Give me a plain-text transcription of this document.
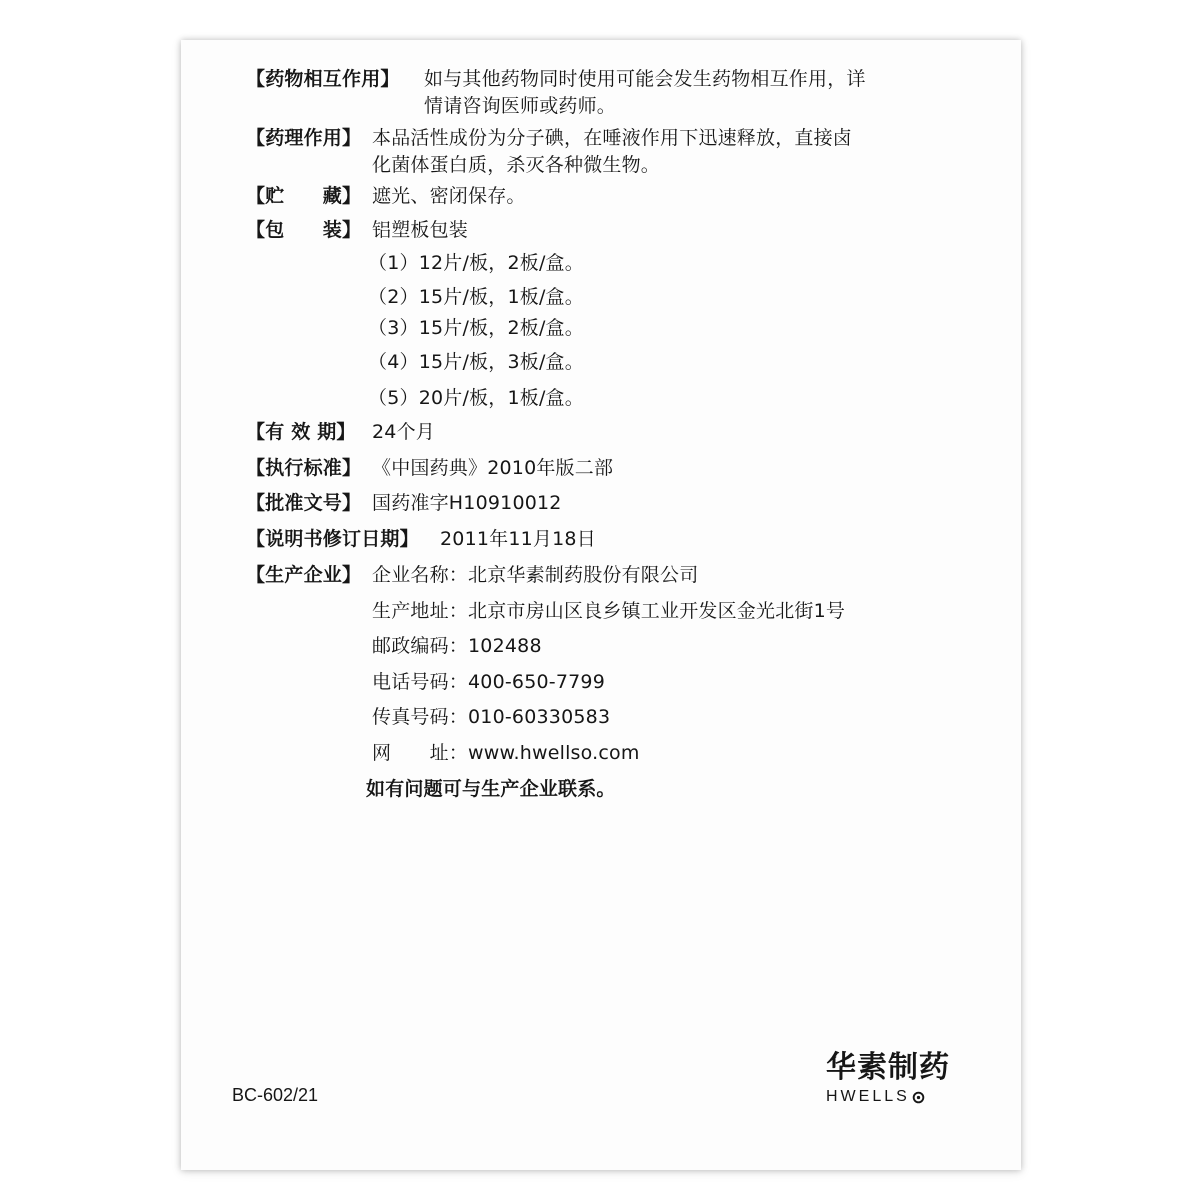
【药物相互作用】 如与其他药物同时使用可能会发生药物相互作用，详
情请咨询医师或药师。
【药理作用】 本品活性成份为分子碘，在唾液作用下迅速释放，直接卤
化菌体蛋白质，杀灭各种微生物。
【贮　　藏】 遮光、密闭保存。
【包　　装】 铝塑板包装
（1）12片/板，2板/盒。
（2）15片/板，1板/盒。
（3）15片/板，2板/盒。
（4）15片/板，3板/盒。
（5）20片/板，1板/盒。
【有 效 期】 24个月
【执行标准】 《中国药典》2010年版二部
【批准文号】 国药准字H10910012
【说明书修订日期】 2011年11月18日
【生产企业】 企业名称：北京华素制药股份有限公司
生产地址：北京市房山区良乡镇工业开发区金光北街1号
邮政编码：102488
电话号码：400-650-7799
传真号码：010-60330583
网　　址：www.hwellso.com
如有问题可与生产企业联系。
BC-602/21
华素制药
HWELLS
